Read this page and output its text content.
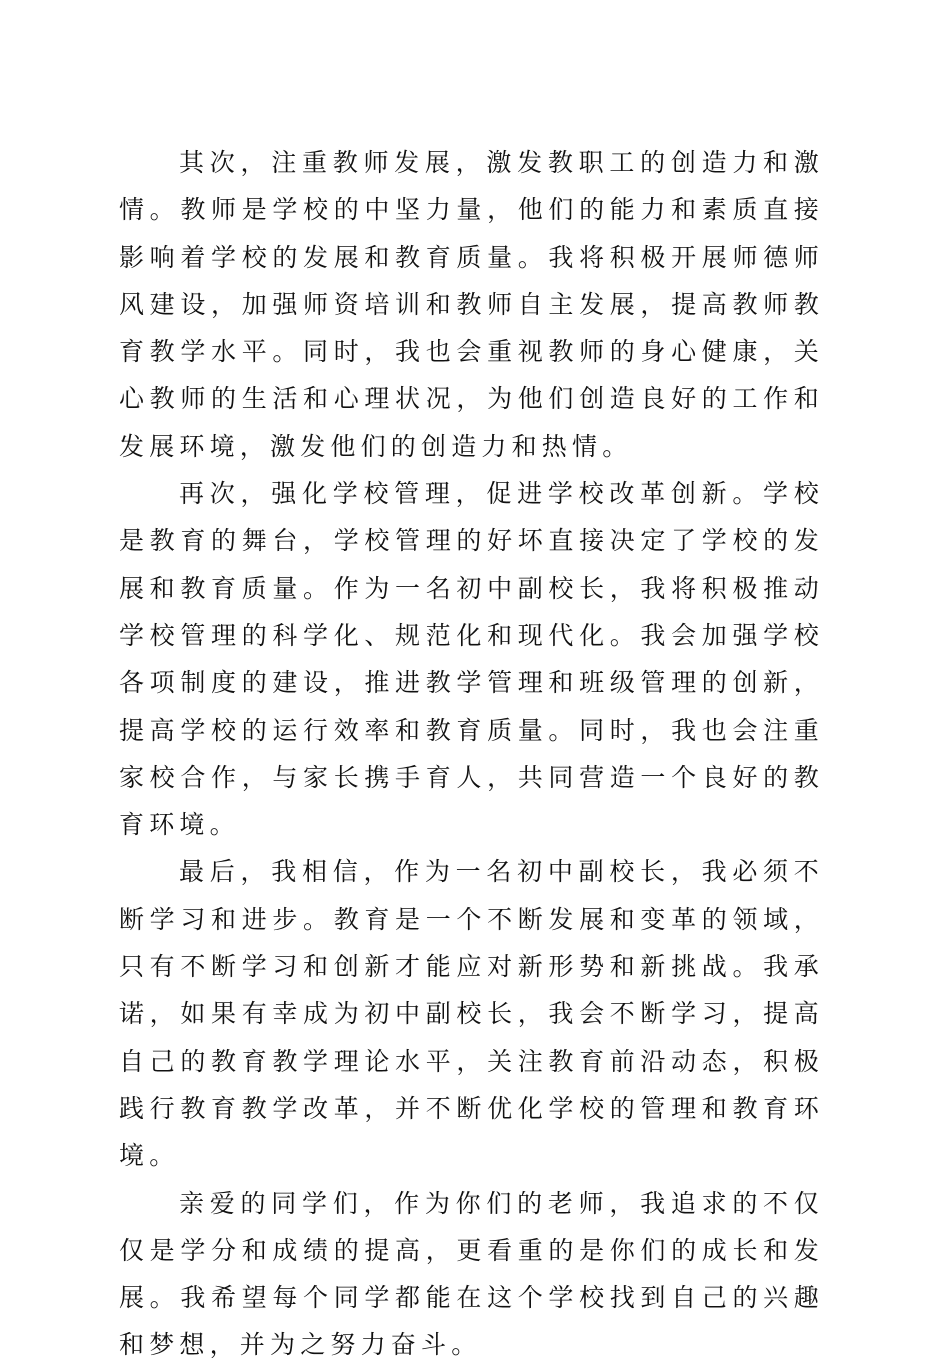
其次，注重教师发展，激发教职工的创造力和激情。教师是学校的中坚力量，他们的能力和素质直接影响着学校的发展和教育质量。我将积极开展师德师风建设，加强师资培训和教师自主发展，提高教师教育教学水平。同时，我也会重视教师的身心健康，关心教师的生活和心理状况，为他们创造良好的工作和发展环境，激发他们的创造力和热情。

再次，强化学校管理，促进学校改革创新。学校是教育的舞台，学校管理的好坏直接决定了学校的发展和教育质量。作为一名初中副校长，我将积极推动学校管理的科学化、规范化和现代化。我会加强学校各项制度的建设，推进教学管理和班级管理的创新，提高学校的运行效率和教育质量。同时，我也会注重家校合作，与家长携手育人，共同营造一个良好的教育环境。

最后，我相信，作为一名初中副校长，我必须不断学习和进步。教育是一个不断发展和变革的领域，只有不断学习和创新才能应对新形势和新挑战。我承诺，如果有幸成为初中副校长，我会不断学习，提高自己的教育教学理论水平，关注教育前沿动态，积极践行教育教学改革，并不断优化学校的管理和教育环境。

亲爱的同学们，作为你们的老师，我追求的不仅仅是学分和成绩的提高，更看重的是你们的成长和发展。我希望每个同学都能在这个学校找到自己的兴趣和梦想，并为之努力奋斗。
